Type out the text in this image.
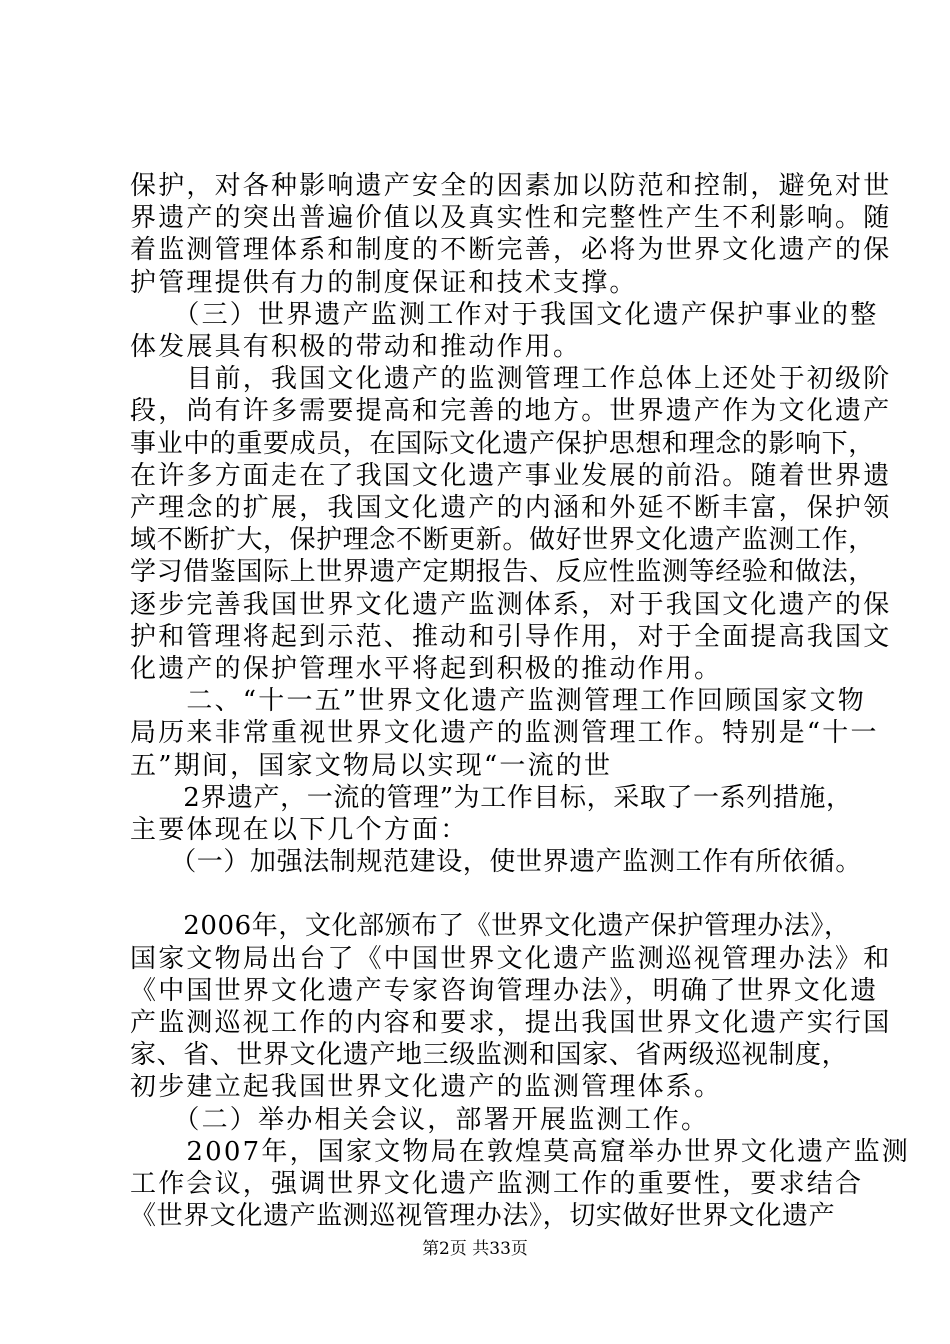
保护，对各种影响遗产安全的因素加以防范和控制，避免对世
界遗产的突出普遍价值以及真实性和完整性产生不利影响。随
着监测管理体系和制度的不断完善，必将为世界文化遗产的保
护管理提供有力的制度保证和技术支撑。
　　（三）世界遗产监测工作对于我国文化遗产保护事业的整
体发展具有积极的带动和推动作用。
　　目前，我国文化遗产的监测管理工作总体上还处于初级阶
段，尚有许多需要提高和完善的地方。世界遗产作为文化遗产
事业中的重要成员，在国际文化遗产保护思想和理念的影响下，
在许多方面走在了我国文化遗产事业发展的前沿。随着世界遗
产理念的扩展，我国文化遗产的内涵和外延不断丰富，保护领
域不断扩大，保护理念不断更新。做好世界文化遗产监测工作，
学习借鉴国际上世界遗产定期报告、反应性监测等经验和做法，
逐步完善我国世界文化遗产监测体系，对于我国文化遗产的保
护和管理将起到示范、推动和引导作用，对于全面提高我国文
化遗产的保护管理水平将起到积极的推动作用。
　　二、“十一五”世界文化遗产监测管理工作回顾国家文物
局历来非常重视世界文化遗产的监测管理工作。特别是“十一
五”期间，国家文物局以实现“一流的世
　　2界遗产，一流的管理”为工作目标，采取了一系列措施，
主要体现在以下几个方面：
　　（一）加强法制规范建设，使世界遗产监测工作有所依循。
　　2006年，文化部颁布了《世界文化遗产保护管理办法》，
国家文物局出台了《中国世界文化遗产监测巡视管理办法》和
《中国世界文化遗产专家咨询管理办法》，明确了世界文化遗
产监测巡视工作的内容和要求，提出我国世界文化遗产实行国
家、省、世界文化遗产地三级监测和国家、省两级巡视制度，
初步建立起我国世界文化遗产的监测管理体系。
　　（二）举办相关会议，部署开展监测工作。
　　2007年，国家文物局在敦煌莫高窟举办世界文化遗产监测
工作会议，强调世界文化遗产监测工作的重要性，要求结合
《世界文化遗产监测巡视管理办法》，切实做好世界文化遗产
第2页 共33页
